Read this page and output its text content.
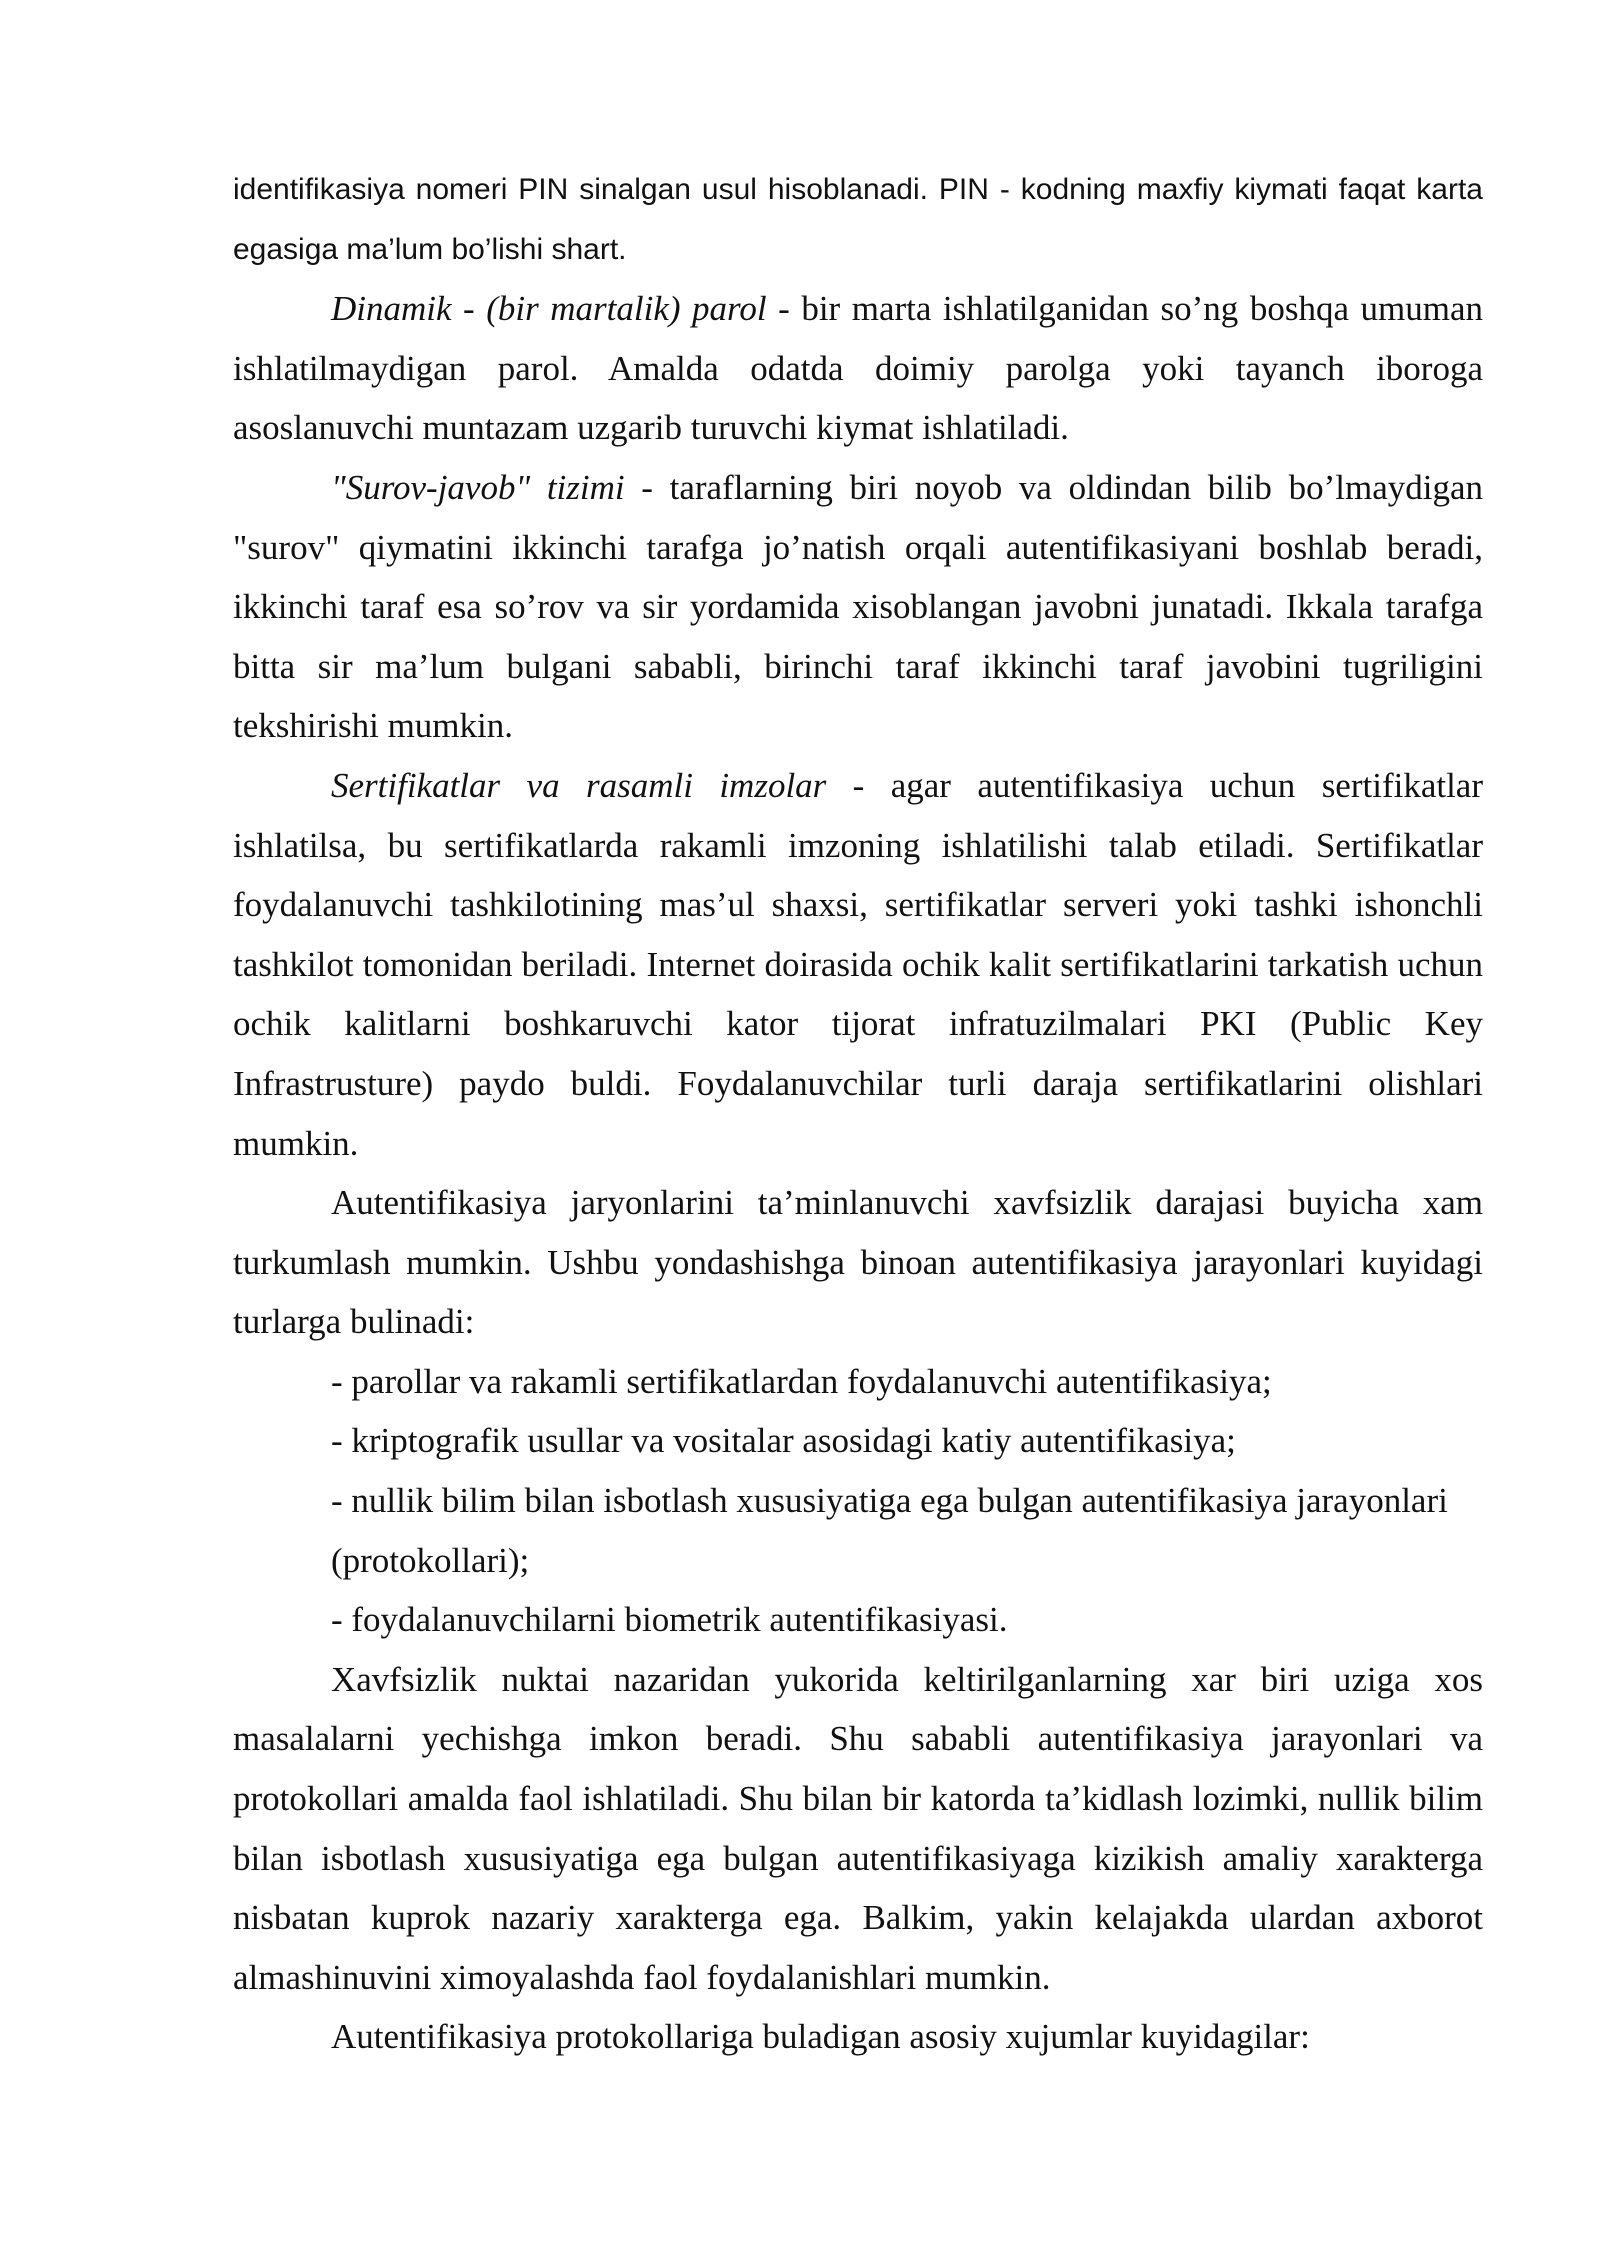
identifikasiya nomeri PIN sinalgan usul hisoblanadi. PIN - kodning maxfiy kiymati faqat karta egasiga ma’lum bo’lishi shart.

Dinamik - (bir martalik) parol - bir marta ishlatilganidan so’ng boshqa umuman ishlatilmaydigan parol. Amalda odatda doimiy parolga yoki tayanch iboroga asoslanuvchi muntazam uzgarib turuvchi kiymat ishlatiladi.

"Surov-javob" tizimi - taraflarning biri noyob va oldindan bilib bo’lmaydigan "surov" qiymatini ikkinchi tarafga jo’natish orqali autentifikasiyani boshlab beradi, ikkinchi taraf esa so’rov va sir yordamida xisoblangan javobni junatadi. Ikkala tarafga bitta sir ma’lum bulgani sababli, birinchi taraf ikkinchi taraf javobini tugriligini tekshirishi mumkin.

Sertifikatlar va rasamli imzolar - agar autentifikasiya uchun sertifikatlar ishlatilsa, bu sertifikatlarda rakamli imzoning ishlatilishi talab etiladi. Sertifikatlar foydalanuvchi tashkilotining mas’ul shaxsi, sertifikatlar serveri yoki tashki ishonchli tashkilot tomonidan beriladi. Internet doirasida ochik kalit sertifikatlarini tarkatish uchun ochik kalitlarni boshkaruvchi kator tijorat infratuzilmalari PKI (Public Key Infrastrusture) paydo buldi. Foydalanuvchilar turli daraja sertifikatlarini olishlari mumkin.

Autentifikasiya jaryonlarini ta’minlanuvchi xavfsizlik darajasi buyicha xam turkumlash mumkin. Ushbu yondashishga binoan autentifikasiya jarayonlari kuyidagi turlarga bulinadi:

- parollar va rakamli sertifikatlardan foydalanuvchi autentifikasiya;

- kriptografik usullar va vositalar asosidagi katiy autentifikasiya;

- nullik bilim bilan isbotlash xususiyatiga ega bulgan autentifikasiya jarayonlari (protokollari);

- foydalanuvchilarni biometrik autentifikasiyasi.

Xavfsizlik nuktai nazaridan yukorida keltirilganlarning xar biri uziga xos masalalarni yechishga imkon beradi. Shu sababli autentifikasiya jarayonlari va protokollari amalda faol ishlatiladi. Shu bilan bir katorda ta’kidlash lozimki, nullik bilim bilan isbotlash xususiyatiga ega bulgan autentifikasiyaga kizikish amaliy xarakterga nisbatan kuprok nazariy xarakterga ega. Balkim, yakin kelajakda ulardan axborot almashinuvini ximoyalashda faol foydalanishlari mumkin.

Autentifikasiya protokollariga buladigan asosiy xujumlar kuyidagilar:
